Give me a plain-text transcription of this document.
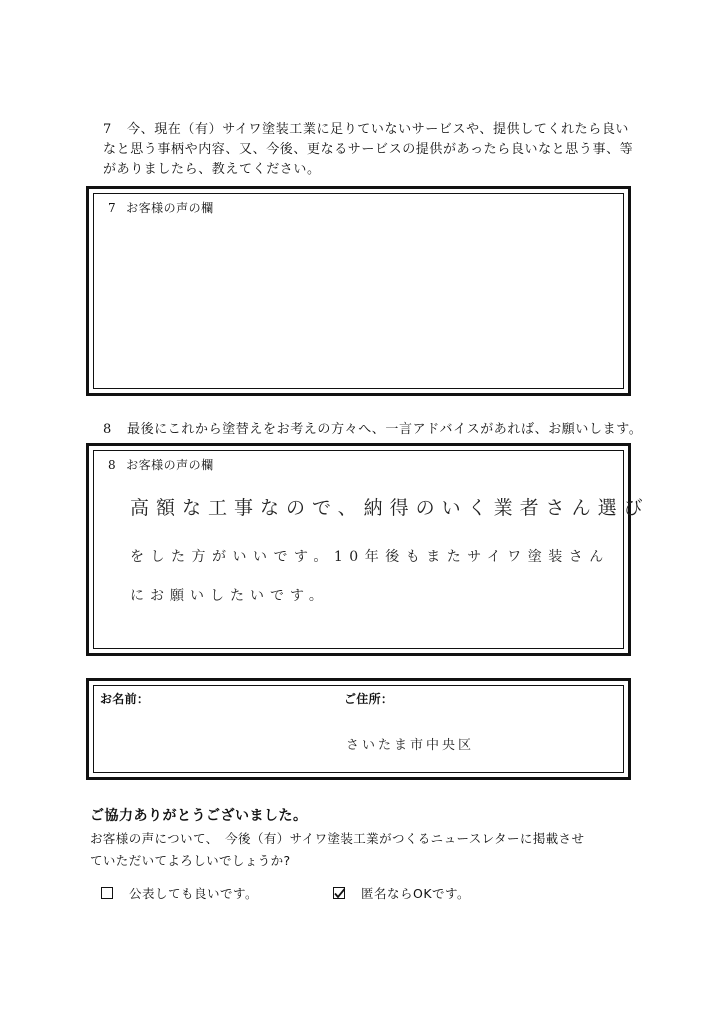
7 今、現在（有）サイワ塗装工業に足りていないサービスや、提供してくれたら良い
なと思う事柄や内容、又、今後、更なるサービスの提供があったら良いなと思う事、等
がありましたら、教えてください。

7 お客様の声の欄

8 最後にこれから塗替えをお考えの方々へ、一言アドバイスがあれば、お願いします。

8 お客様の声の欄

高額な工事なので、納得のいく業者さん選び

をした方がいいです。10年後もまたサイワ塗装さん

にお願いしたいです。

お名前：	ご住所：

さいたま市中央区

ご協力ありがとうございました。

お客様の声について、　今後（有）サイワ塗装工業がつくるニュースレターに掲載させ
ていただいてよろしいでしょうか?

公表しても良いです。	匿名ならOKです。
